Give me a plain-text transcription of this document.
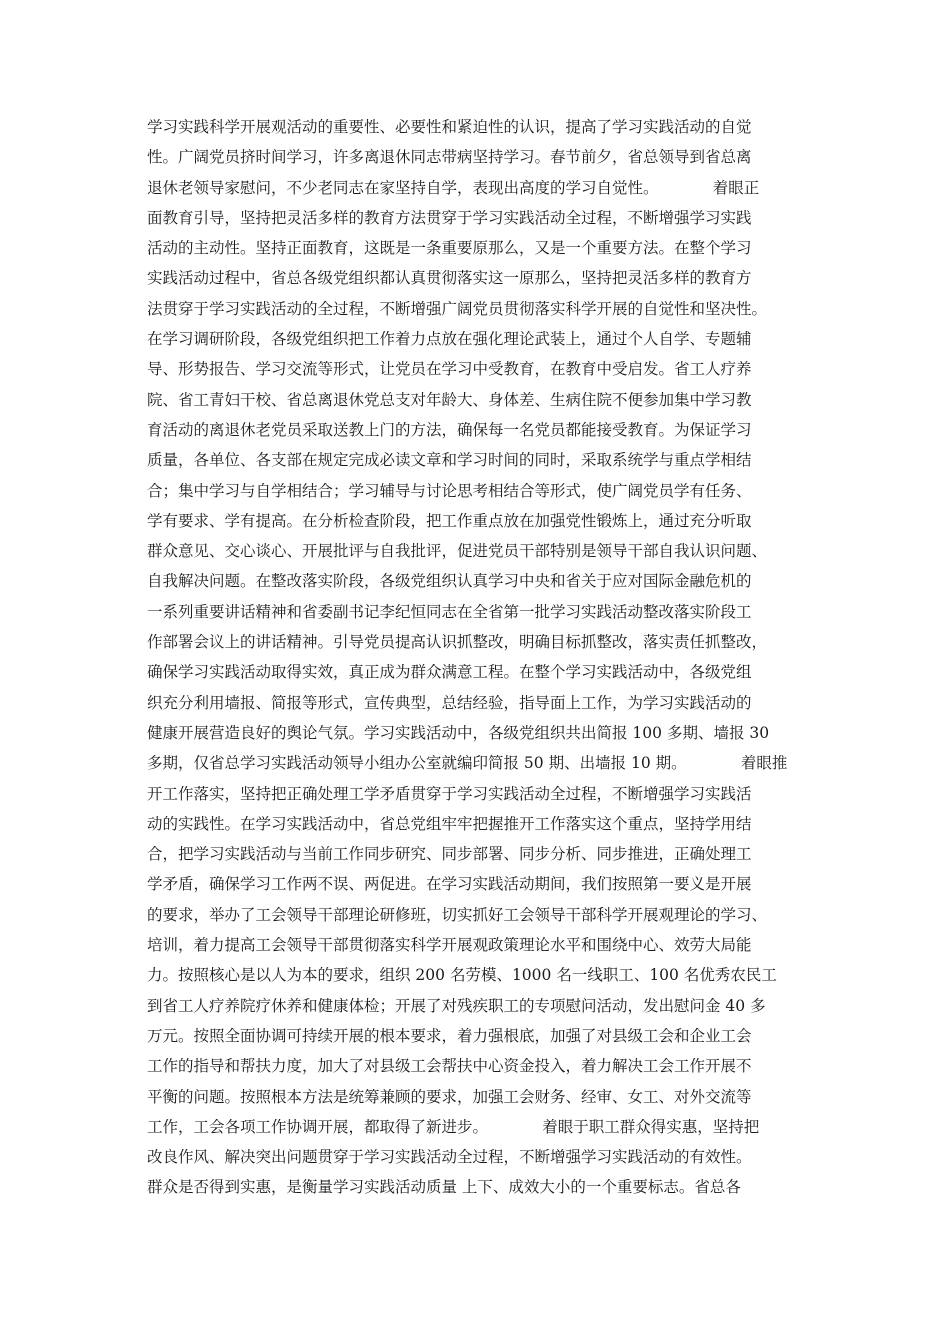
学习实践科学开展观活动的重要性、必要性和紧迫性的认识，提高了学习实践活动的自觉
性。广阔党员挤时间学习，许多离退休同志带病坚持学习。春节前夕，省总领导到省总离
退休老领导家慰问，不少老同志在家坚持自学，表现出高度的学习自觉性。　　　　着眼正
面教育引导，坚持把灵活多样的教育方法贯穿于学习实践活动全过程，不断增强学习实践
活动的主动性。坚持正面教育，这既是一条重要原那么，又是一个重要方法。在整个学习
实践活动过程中，省总各级党组织都认真贯彻落实这一原那么，坚持把灵活多样的教育方
法贯穿于学习实践活动的全过程，不断增强广阔党员贯彻落实科学开展的自觉性和坚决性。
在学习调研阶段，各级党组织把工作着力点放在强化理论武装上，通过个人自学、专题辅
导、形势报告、学习交流等形式，让党员在学习中受教育，在教育中受启发。省工人疗养
院、省工青妇干校、省总离退休党总支对年龄大、身体差、生病住院不便参加集中学习教
育活动的离退休老党员采取送教上门的方法，确保每一名党员都能接受教育。为保证学习
质量，各单位、各支部在规定完成必读文章和学习时间的同时，采取系统学与重点学相结
合；集中学习与自学相结合；学习辅导与讨论思考相结合等形式，使广阔党员学有任务、
学有要求、学有提高。在分析检查阶段，把工作重点放在加强党性锻炼上，通过充分听取
群众意见、交心谈心、开展批评与自我批评，促进党员干部特别是领导干部自我认识问题、
自我解决问题。在整改落实阶段，各级党组织认真学习中央和省关于应对国际金融危机的
一系列重要讲话精神和省委副书记李纪恒同志在全省第一批学习实践活动整改落实阶段工
作部署会议上的讲话精神。引导党员提高认识抓整改，明确目标抓整改，落实责任抓整改，
确保学习实践活动取得实效，真正成为群众满意工程。在整个学习实践活动中，各级党组
织充分利用墙报、简报等形式，宣传典型，总结经验，指导面上工作，为学习实践活动的
健康开展营造良好的舆论气氛。学习实践活动中，各级党组织共出简报 100 多期、墙报 30
多期，仅省总学习实践活动领导小组办公室就编印简报 50 期、出墙报 10 期。　　　　着眼推
开工作落实，坚持把正确处理工学矛盾贯穿于学习实践活动全过程，不断增强学习实践活
动的实践性。在学习实践活动中，省总党组牢牢把握推开工作落实这个重点，坚持学用结
合，把学习实践活动与当前工作同步研究、同步部署、同步分析、同步推进，正确处理工
学矛盾，确保学习工作两不误、两促进。在学习实践活动期间，我们按照第一要义是开展
的要求，举办了工会领导干部理论研修班，切实抓好工会领导干部科学开展观理论的学习、
培训，着力提高工会领导干部贯彻落实科学开展观政策理论水平和围绕中心、效劳大局能
力。按照核心是以人为本的要求，组织 200 名劳模、1000 名一线职工、100 名优秀农民工
到省工人疗养院疗休养和健康体检；开展了对残疾职工的专项慰问活动，发出慰问金 40 多
万元。按照全面协调可持续开展的根本要求，着力强根底，加强了对县级工会和企业工会
工作的指导和帮扶力度，加大了对县级工会帮扶中心资金投入，着力解决工会工作开展不
平衡的问题。按照根本方法是统筹兼顾的要求，加强工会财务、经审、女工、对外交流等
工作，工会各项工作协调开展，都取得了新进步。　　　　着眼于职工群众得实惠，坚持把
改良作风、解决突出问题贯穿于学习实践活动全过程，不断增强学习实践活动的有效性。
群众是否得到实惠，是衡量学习实践活动质量 上下、成效大小的一个重要标志。省总各
